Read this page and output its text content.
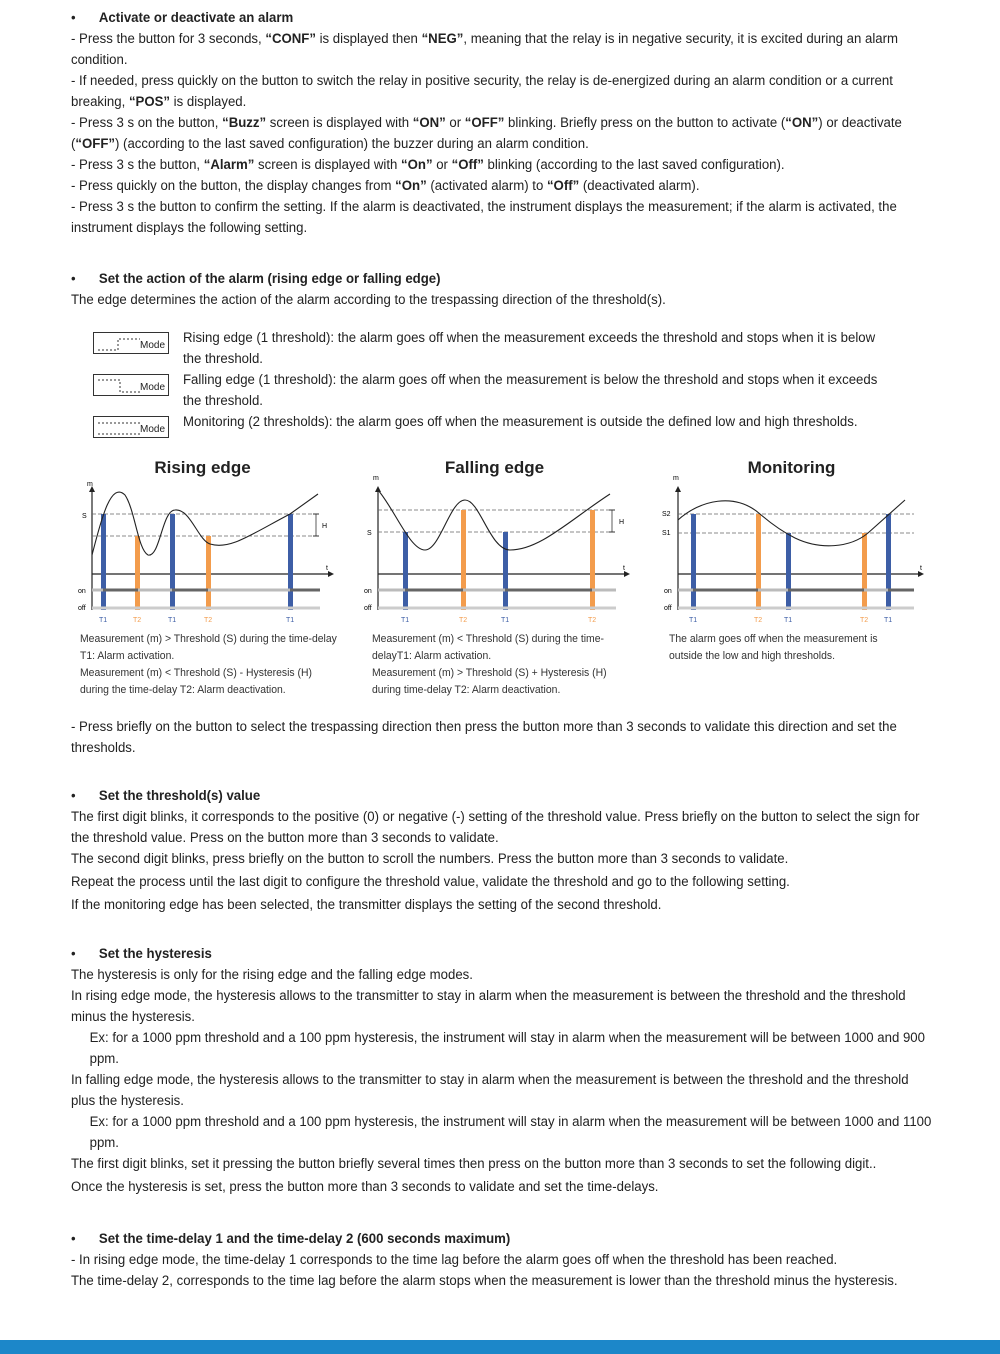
•	Activate or deactivate an alarm

- Press the button for 3 seconds, “CONF” is displayed then “NEG”, meaning that the relay is in negative security, it is excited during an alarm condition.

- If needed, press quickly on the button to switch the relay in positive security, the relay is de-energized during an alarm condition or a current breaking, “POS” is displayed.

- Press 3 s on the button, “Buzz” screen is displayed with “ON” or “OFF” blinking. Briefly press on the button to activate (“ON”) or deactivate (“OFF”) (according to the last saved configuration) the buzzer during an alarm condition.

- Press 3 s the button, “Alarm” screen is displayed with “On” or “Off” blinking (according to the last saved configuration).

- Press quickly on the button, the display changes from “On” (activated alarm) to “Off” (deactivated alarm).

- Press 3 s the button to confirm the setting. If the alarm is deactivated, the instrument displays the measurement; if the alarm is activated, the instrument displays the following setting.

•	Set the action of the alarm (rising edge or falling edge)

The edge determines the action of the alarm according to the trespassing direction of the threshold(s).

Mode Rising edge (1 threshold): the alarm goes off when the measurement exceeds the threshold and stops when it is below the threshold.
Mode Falling edge (1 threshold): the alarm goes off when the measurement is below the threshold and stops when it exceeds the threshold.
Mode Monitoring (2 thresholds): the alarm goes off when the measurement is outside the defined low and high thresholds.
Rising edge	Falling edge	Monitoring
m
t
S
H
on
off
T1	T2	T1	T2	T1
m
t
S
H
on
off
T1	T2	T1	T2
m
t
S2
S1
on
off
T1	T2	T1	T2 T1
Measurement (m) > Threshold (S) during the time-delay T1: Alarm activation.
Measurement (m) < Threshold (S) - Hysteresis (H) during the time-delay T2: Alarm deactivation.
Measurement (m) < Threshold (S) during the time-delayT1: Alarm activation.
Measurement (m) > Threshold (S) + Hysteresis (H) during time-delay T2: Alarm deactivation.
The alarm goes off when the measurement is outside the low and high thresholds.

- Press briefly on the button to select the trespassing direction then press the button more than 3 seconds to validate this direction and set the thresholds.

•	Set the threshold(s) value

The first digit blinks, it corresponds to the positive (0) or negative (-) setting of the threshold value. Press briefly on the button to select the sign for the threshold value. Press on the button more than 3 seconds to validate.

The second digit blinks, press briefly on the button to scroll the numbers. Press the button more than 3 seconds to validate.

Repeat the process until the last digit to configure the threshold value, validate the threshold and go to the following setting.

If the monitoring edge has been selected, the transmitter displays the setting of the second threshold.

•	Set the hysteresis

The hysteresis is only for the rising edge and the falling edge modes.

In rising edge mode, the hysteresis allows to the transmitter to stay in alarm when the measurement is between the threshold and the threshold minus the hysteresis.

Ex: for a 1000 ppm threshold and a 100 ppm hysteresis, the instrument will stay in alarm when the measurement will be between 1000 and 900 ppm.

In falling edge mode, the hysteresis allows to the transmitter to stay in alarm when the measurement is between the threshold and the threshold plus the hysteresis.

Ex: for a 1000 ppm threshold and a 100 ppm hysteresis, the instrument will stay in alarm when the measurement will be between 1000 and 1100 ppm.

The first digit blinks, set it pressing the button briefly several times then press on the button more than 3 seconds to set the following digit..

Once the hysteresis is set, press the button more than 3 seconds to validate and set the time-delays.

•	Set the time-delay 1 and the time-delay 2 (600 seconds maximum)

- In rising edge mode, the time-delay 1 corresponds to the time lag before the alarm goes off when the threshold has been reached.

The time-delay 2, corresponds to the time lag before the alarm stops when the measurement is lower than the threshold minus the hysteresis.
